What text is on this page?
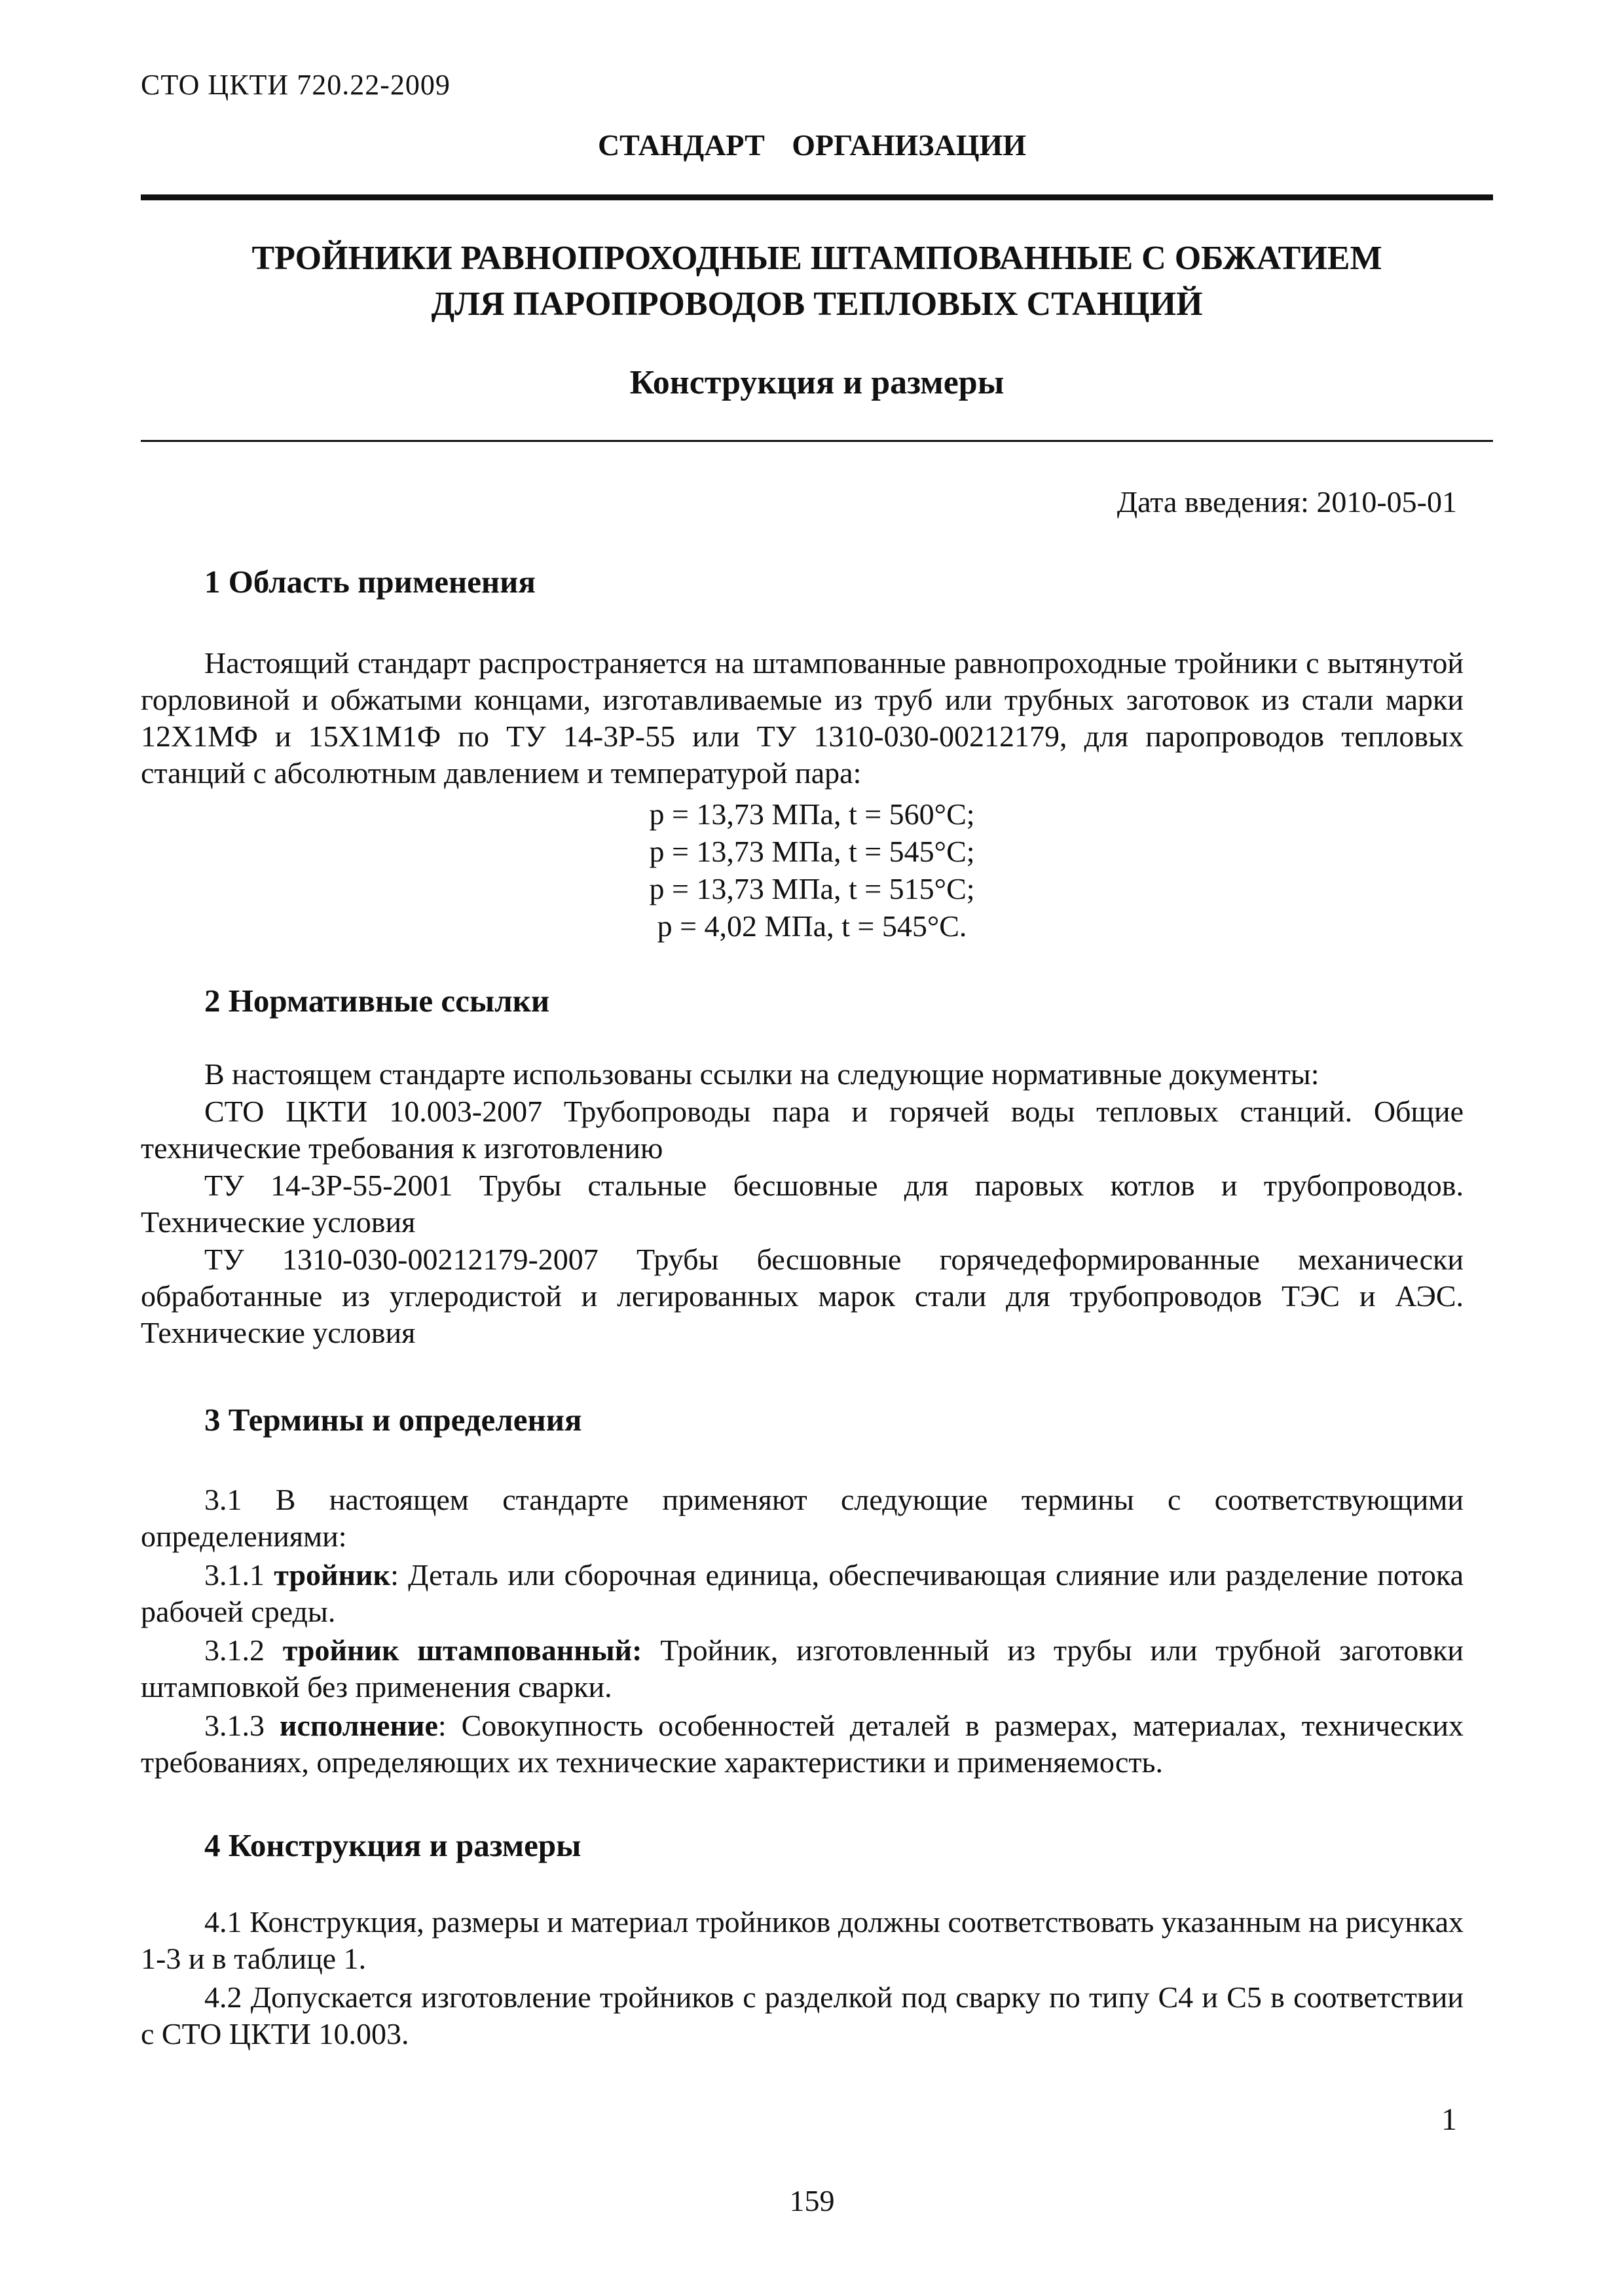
СТО ЦКТИ 720.22-2009
СТАНДАРТ ОРГАНИЗАЦИИ
ТРОЙНИКИ РАВНОПРОХОДНЫЕ ШТАМПОВАННЫЕ С ОБЖАТИЕМ
ДЛЯ ПАРОПРОВОДОВ ТЕПЛОВЫХ СТАНЦИЙ
Конструкция и размеры
Дата введения: 2010-05-01
1 Область применения
Настоящий стандарт распространяется на штампованные равнопроходные тройники с вытянутой горловиной и обжатыми концами, изготавливаемые из труб или трубных заготовок из стали марки 12Х1МФ и 15Х1М1Ф по ТУ 14-3Р-55 или ТУ 1310-030-00212179, для паропроводов тепловых станций с абсолютным давлением и температурой пара:
р = 13,73 МПа, t = 560°С;
р = 13,73 МПа, t = 545°С;
р = 13,73 МПа, t = 515°С;
р = 4,02 МПа, t = 545°С.
2 Нормативные ссылки
В настоящем стандарте использованы ссылки на следующие нормативные документы:
СТО ЦКТИ 10.003-2007 Трубопроводы пара и горячей воды тепловых станций. Общие технические требования к изготовлению
ТУ 14-3Р-55-2001 Трубы стальные бесшовные для паровых котлов и трубопроводов. Технические условия
ТУ 1310-030-00212179-2007 Трубы бесшовные горячедеформированные механически обработанные из углеродистой и легированных марок стали для трубопроводов ТЭС и АЭС. Технические условия
3 Термины и определения
3.1 В настоящем стандарте применяют следующие термины с соответствующими определениями:
3.1.1 тройник: Деталь или сборочная единица, обеспечивающая слияние или разделение потока рабочей среды.
3.1.2 тройник штампованный: Тройник, изготовленный из трубы или трубной заготовки штамповкой без применения сварки.
3.1.3 исполнение: Совокупность особенностей деталей в размерах, материалах, технических требованиях, определяющих их технические характеристики и применяемость.
4 Конструкция и размеры
4.1 Конструкция, размеры и материал тройников должны соответствовать указанным на рисунках 1-3 и в таблице 1.
4.2 Допускается изготовление тройников с разделкой под сварку по типу С4 и С5 в соответствии с СТО ЦКТИ 10.003.
1
159
